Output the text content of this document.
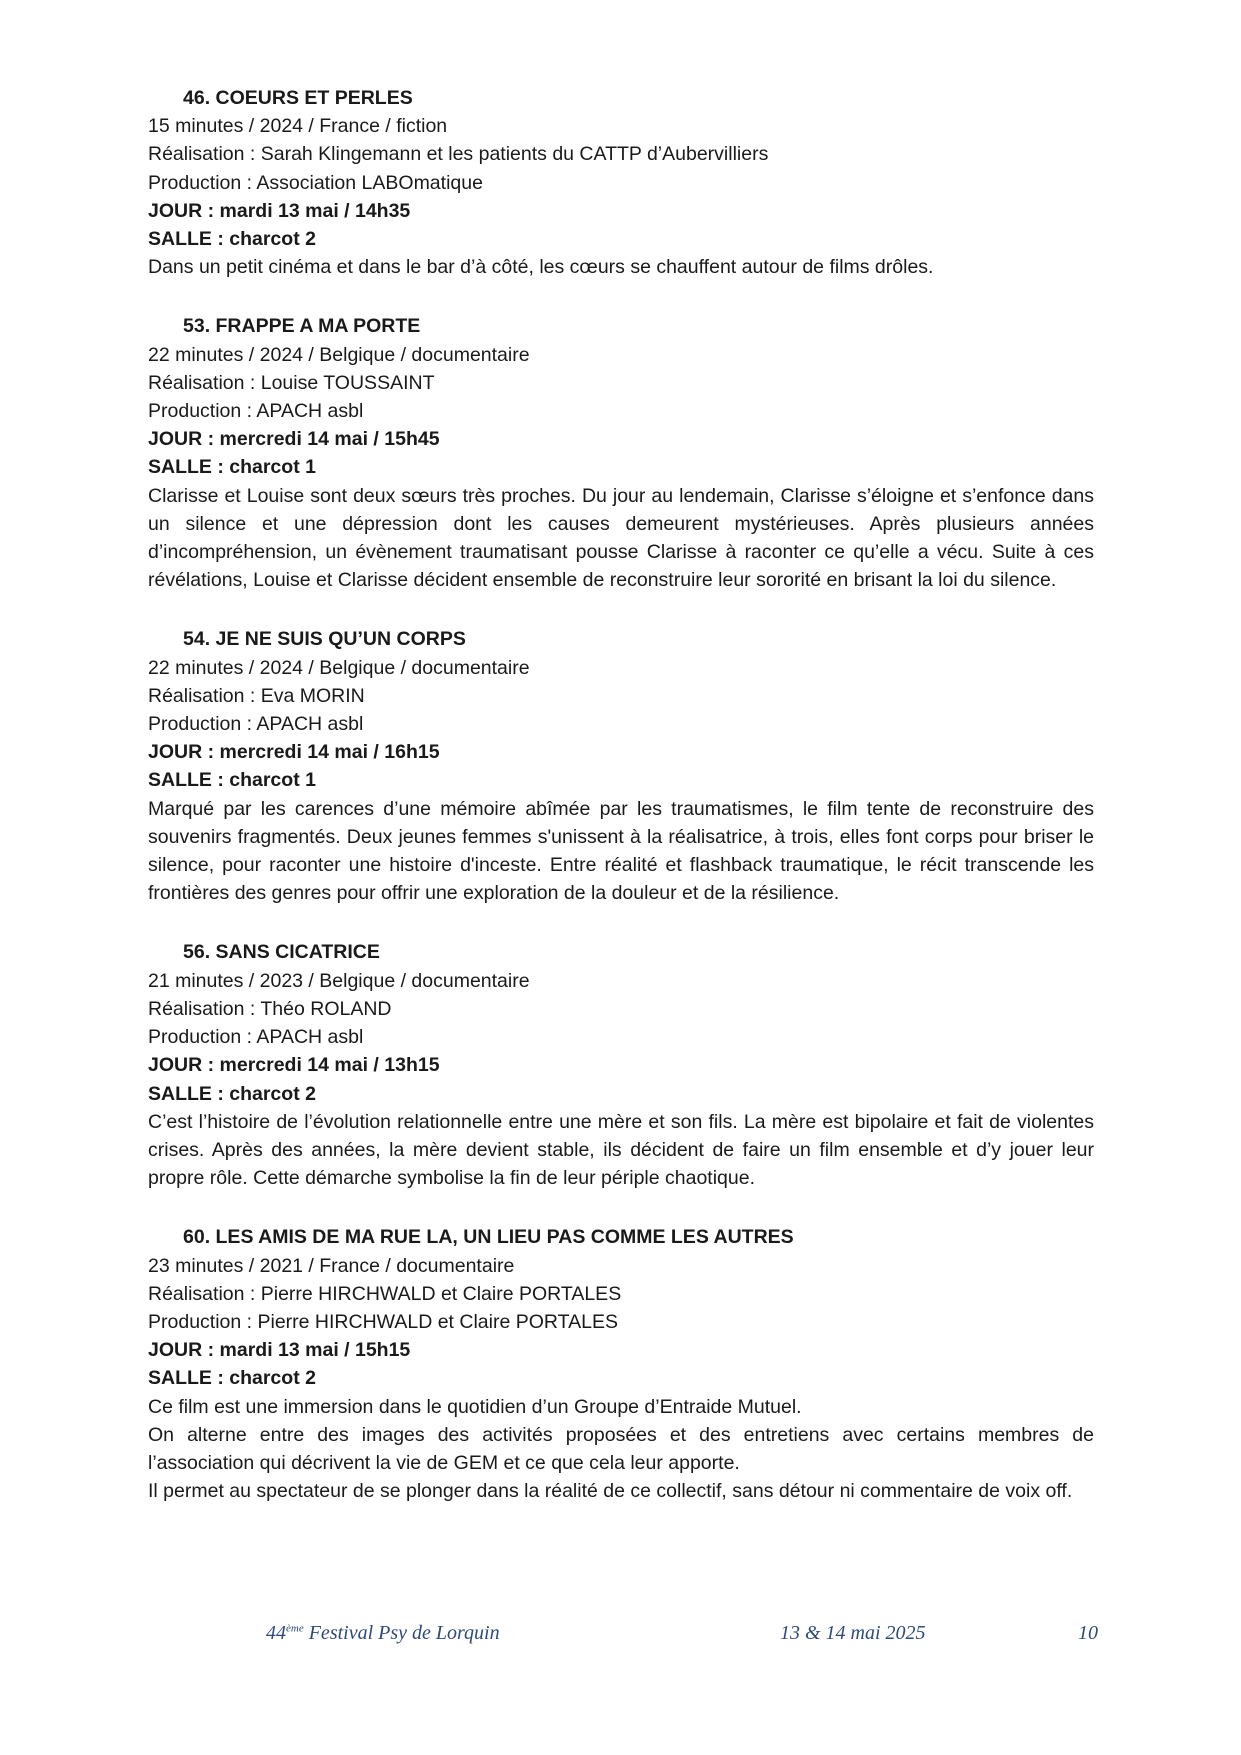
46. COEURS ET PERLES
15 minutes / 2024 / France / fiction
Réalisation : Sarah Klingemann et les patients du CATTP d’Aubervilliers
Production : Association LABOmatique
JOUR : mardi 13 mai / 14h35
SALLE : charcot 2

Dans un petit cinéma et dans le bar d’à côté, les cœurs se chauffent autour de films drôles.

53. FRAPPE A MA PORTE
22 minutes / 2024 / Belgique / documentaire
Réalisation : Louise TOUSSAINT
Production : APACH asbl
JOUR : mercredi 14 mai / 15h45
SALLE : charcot 1

Clarisse et Louise sont deux sœurs très proches. Du jour au lendemain, Clarisse s’éloigne et s’enfonce dans un silence et une dépression dont les causes demeurent mystérieuses. Après plusieurs années d’incompréhension, un évènement traumatisant pousse Clarisse à raconter ce qu’elle a vécu. Suite à ces révélations, Louise et Clarisse décident ensemble de reconstruire leur sororité en brisant la loi du silence.

54. JE NE SUIS QU’UN CORPS
22 minutes / 2024 / Belgique / documentaire
Réalisation : Eva MORIN
Production : APACH asbl
JOUR : mercredi 14 mai / 16h15
SALLE : charcot 1

Marqué par les carences d’une mémoire abîmée par les traumatismes, le film tente de reconstruire des souvenirs fragmentés. Deux jeunes femmes s'unissent à la réalisatrice, à trois, elles font corps pour briser le silence, pour raconter une histoire d'inceste. Entre réalité et flashback traumatique, le récit transcende les frontières des genres pour offrir une exploration de la douleur et de la résilience.

56. SANS CICATRICE
21 minutes / 2023 / Belgique / documentaire
Réalisation : Théo ROLAND
Production : APACH asbl
JOUR : mercredi 14 mai / 13h15
SALLE : charcot 2

C’est l’histoire de l’évolution relationnelle entre une mère et son fils. La mère est bipolaire et fait de violentes crises. Après des années, la mère devient stable, ils décident de faire un film ensemble et d’y jouer leur propre rôle. Cette démarche symbolise la fin de leur périple chaotique.

60. LES AMIS DE MA RUE LA, UN LIEU PAS COMME LES AUTRES
23 minutes / 2021 / France / documentaire
Réalisation : Pierre HIRCHWALD et Claire PORTALES
Production : Pierre HIRCHWALD et Claire PORTALES
JOUR : mardi 13 mai / 15h15
SALLE : charcot 2

Ce film est une immersion dans le quotidien d’un Groupe d’Entraide Mutuel.

On alterne entre des images des activités proposées et des entretiens avec certains membres de l’association qui décrivent la vie de GEM et ce que cela leur apporte.

Il permet au spectateur de se plonger dans la réalité de ce collectif, sans détour ni commentaire de voix off.

44ème Festival Psy de Lorquin	13 & 14 mai 2025	10
